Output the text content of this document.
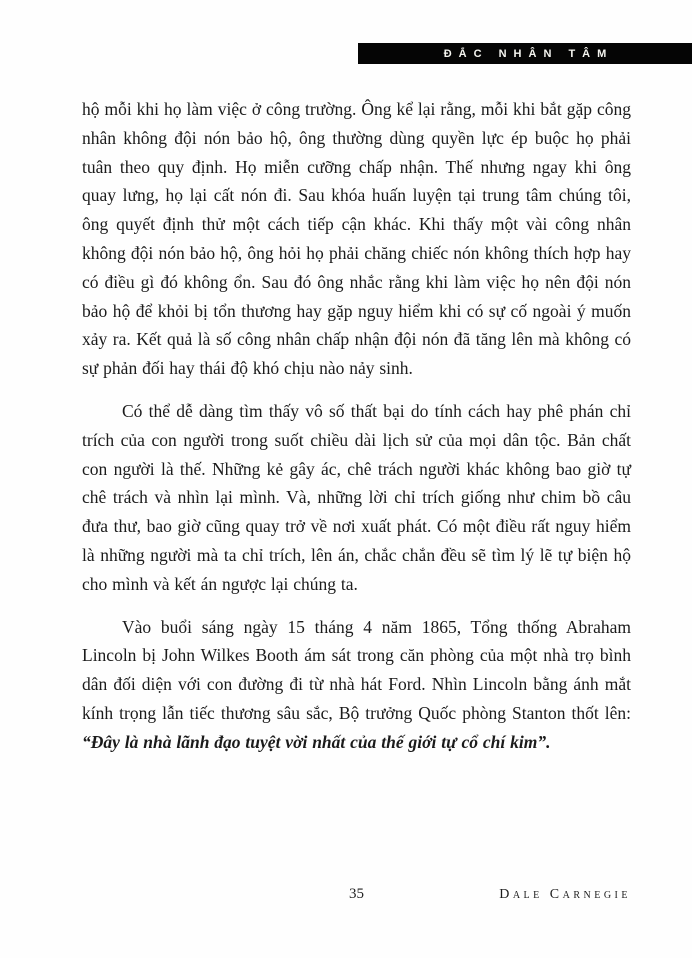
ĐẮC NHÂN TÂM

hộ mỗi khi họ làm việc ở công trường. Ông kể lại rằng, mỗi khi bắt gặp công nhân không đội nón bảo hộ, ông thường dùng quyền lực ép buộc họ phải tuân theo quy định. Họ miễn cưỡng chấp nhận. Thế nhưng ngay khi ông quay lưng, họ lại cất nón đi. Sau khóa huấn luyện tại trung tâm chúng tôi, ông quyết định thử một cách tiếp cận khác. Khi thấy một vài công nhân không đội nón bảo hộ, ông hỏi họ phải chăng chiếc nón không thích hợp hay có điều gì đó không ổn. Sau đó ông nhắc rằng khi làm việc họ nên đội nón bảo hộ để khỏi bị tổn thương hay gặp nguy hiểm khi có sự cố ngoài ý muốn xảy ra. Kết quả là số công nhân chấp nhận đội nón đã tăng lên mà không có sự phản đối hay thái độ khó chịu nào nảy sinh.

Có thể dễ dàng tìm thấy vô số thất bại do tính cách hay phê phán chỉ trích của con người trong suốt chiều dài lịch sử của mọi dân tộc. Bản chất con người là thế. Những kẻ gây ác, chê trách người khác không bao giờ tự chê trách và nhìn lại mình. Và, những lời chỉ trích giống như chim bồ câu đưa thư, bao giờ cũng quay trở về nơi xuất phát. Có một điều rất nguy hiểm là những người mà ta chỉ trích, lên án, chắc chắn đều sẽ tìm lý lẽ tự biện hộ cho mình và kết án ngược lại chúng ta.

Vào buổi sáng ngày 15 tháng 4 năm 1865, Tổng thống Abraham Lincoln bị John Wilkes Booth ám sát trong căn phòng của một nhà trọ bình dân đối diện với con đường đi từ nhà hát Ford. Nhìn Lincoln bằng ánh mắt kính trọng lẫn tiếc thương sâu sắc, Bộ trưởng Quốc phòng Stanton thốt lên: “Đây là nhà lãnh đạo tuyệt vời nhất của thế giới tự cổ chí kim”.

35	Dale Carnegie
